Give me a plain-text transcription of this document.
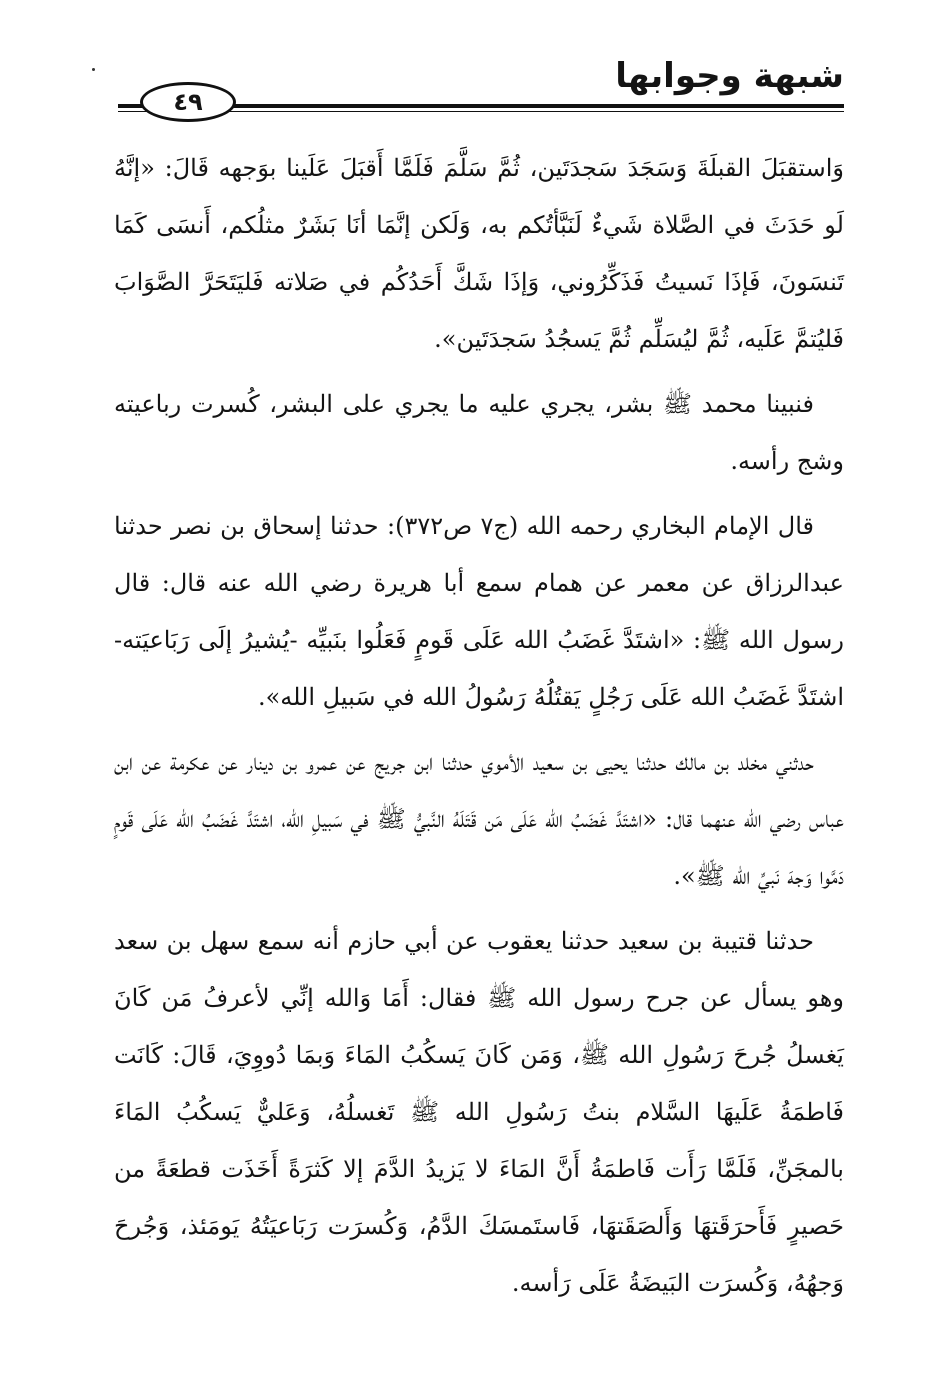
شبهة وجوابها
٤٩

وَاستقبَلَ القبلَةَ وَسَجَدَ سَجدَتَين، ثُمَّ سَلَّمَ فَلَمَّا أَقبَلَ عَلَينا بوَجهه قَالَ: «إنَّهُ لَو حَدَثَ في الصَّلاة شَيءٌ لَنَبَّأتُكم به، وَلَكن إنَّمَا أنَا بَشَرٌ مثلُكم، أَنسَى كَمَا تَنسَونَ، فَإذَا نَسيتُ فَذَكِّرُوني، وَإذَا شَكَّ أَحَدُكُم في صَلاته فَليَتَحَرَّ الصَّوَابَ فَليُتمَّ عَلَيه، ثُمَّ ليُسَلِّم ثُمَّ يَسجُدُ سَجدَتَين».

فنبينا محمد ﷺ بشر، يجري عليه ما يجري على البشر، كُسرت رباعيته وشج رأسه.

قال الإمام البخاري رحمه الله (ج٧ ص٣٧٢): حدثنا إسحاق بن نصر حدثنا عبدالرزاق عن معمر عن همام سمع أبا هريرة رضي الله عنه قال: قال رسول الله ﷺ: «اشتَدَّ غَضَبُ الله عَلَى قَومٍ فَعَلُوا بنَبيِّه -يُشيرُ إلَى رَبَاعيَته- اشتَدَّ غَضَبُ الله عَلَى رَجُلٍ يَقتُلُهُ رَسُولُ الله في سَبيلِ الله».

حدثني مخلد بن مالك حدثنا يحيى بن سعيد الأموي حدثنا ابن جريج عن عمرو بن دينار عن عكرمة عن ابن عباس رضي الله عنهما قال: «اشتَدَّ غَضَبُ الله عَلَى مَن قَتَلَهُ النَّبيُّ ﷺ في سَبيلِ الله، اشتَدَّ غَضَبُ الله عَلَى قَومٍ دَمَّوا وَجهَ نَبيِّ الله ﷺ».

حدثنا قتيبة بن سعيد حدثنا يعقوب عن أبي حازم أنه سمع سهل بن سعد وهو يسأل عن جرح رسول الله ﷺ فقال: أَمَا وَالله إنِّي لأعرفُ مَن كَانَ يَغسلُ جُرحَ رَسُولِ الله ﷺ، وَمَن كَانَ يَسكُبُ المَاءَ وَبمَا دُووِيَ، قَالَ: كَانَت فَاطمَةُ عَلَيهَا السَّلام بنتُ رَسُولِ الله ﷺ تَغسلُهُ، وَعَليٌّ يَسكُبُ المَاءَ بالمجَنِّ، فَلَمَّا رَأَت فَاطمَةُ أَنَّ المَاءَ لا يَزيدُ الدَّمَ إلا كَثرَةً أَخَذَت قطعَةً من حَصيرٍ فَأَحرَقَتهَا وَأَلصَقَتهَا، فَاستَمسَكَ الدَّمُ، وَكُسرَت رَبَاعيَتُهُ يَومَئذ، وَجُرحَ وَجهُهُ، وَكُسرَت البَيضَةُ عَلَى رَأسه.
